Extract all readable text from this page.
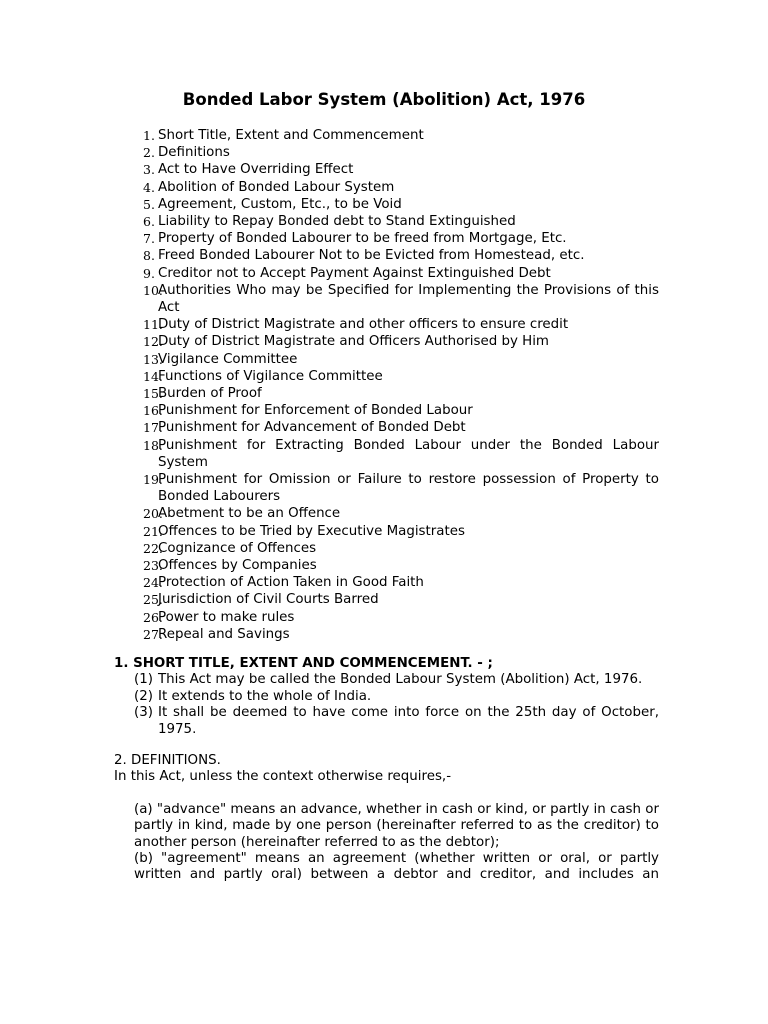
Bonded Labor System (Abolition) Act, 1976
1. Short Title, Extent and Commencement
2. Definitions
3. Act to Have Overriding Effect
4. Abolition of Bonded Labour System
5. Agreement, Custom, Etc., to be Void
6. Liability to Repay Bonded debt to Stand Extinguished
7. Property of Bonded Labourer to be freed from Mortgage, Etc.
8. Freed Bonded Labourer Not to be Evicted from Homestead, etc.
9. Creditor not to Accept Payment Against Extinguished Debt
10.
Authorities Who may be Specified for Implementing the Provisions of this Act
11.
Duty of District Magistrate and other officers to ensure credit
12.
Duty of District Magistrate and Officers Authorised by Him
13.
Vigilance Committee
14.
Functions of Vigilance Committee
15.
Burden of Proof
16.
Punishment for Enforcement of Bonded Labour
17.
Punishment for Advancement of Bonded Debt
18.
Punishment for Extracting Bonded Labour under the Bonded Labour System
19.
Punishment for Omission or Failure to restore possession of Property to Bonded Labourers
20.
Abetment to be an Offence
21.
Offences to be Tried by Executive Magistrates
22.
Cognizance of Offences
23.
Offences by Companies
24.
Protection of Action Taken in Good Faith
25.
Jurisdiction of Civil Courts Barred
26.
Power to make rules
27.
Repeal and Savings
1. SHORT TITLE, EXTENT AND COMMENCEMENT. - ;
(1) This Act may be called the Bonded Labour System (Abolition) Act, 1976.
(2) It extends to the whole of India.
(3) It shall be deemed to have come into force on the 25th day of October, 1975.
2. DEFINITIONS.
In this Act, unless the context otherwise requires,-
(a) "advance" means an advance, whether in cash or kind, or partly in cash or partly in kind, made by one person (hereinafter referred to as the creditor) to another person (hereinafter referred to as the debtor);
(b) "agreement" means an agreement (whether written or oral, or partly written and partly oral) between a debtor and creditor, and includes an
